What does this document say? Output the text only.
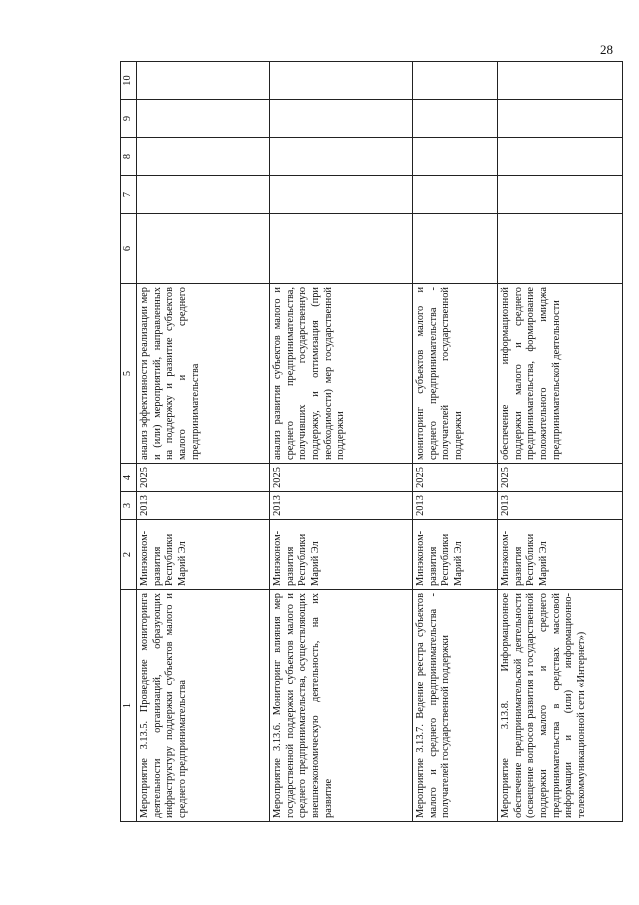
28
1	2	3	4	5	6	7	8	9	10
Мероприятие 3.13.5. Проведение мониторинга деятельности организаций, образующих инфраструктуру поддержки субъектов малого и среднего предпринимательства	Минэконом-развития Республики Марий Эл	2013	2025	анализ эффективности реализации мер и (или) мероприятий, направленных на поддержку и развитие субъектов малого и среднего предпринимательства					
Мероприятие 3.13.6. Мониторинг влияния мер государственной поддержки субъектов малого и среднего предпринимательства, осуществляющих внешнеэкономическую деятельность, на их развитие	Минэконом-развития Республики Марий Эл	2013	2025	анализ развития субъектов малого и среднего предпринимательства, получивших государственную поддержку, и оптимизация (при необходимости) мер государственной поддержки					
Мероприятие 3.13.7. Ведение реестра субъектов малого и среднего предпринимательства - получателей государственной поддержки	Минэконом-развития Республики Марий Эл	2013	2025	мониторинг субъектов малого и среднего предпринимательства - получателей государственной поддержки					
Мероприятие 3.13.8. Информационное обеспечение предпринимательской деятельности (освещение вопросов развития и государственной поддержки малого и среднего предпринимательства в средствах массовой информации и (или) информационно-телекоммуникационной сети «Интернет»)	Минэконом-развития Республики Марий Эл	2013	2025	обеспечение информационной поддержки малого и среднего предпринимательства, формирование положительного имиджа предпринимательской деятельности					
